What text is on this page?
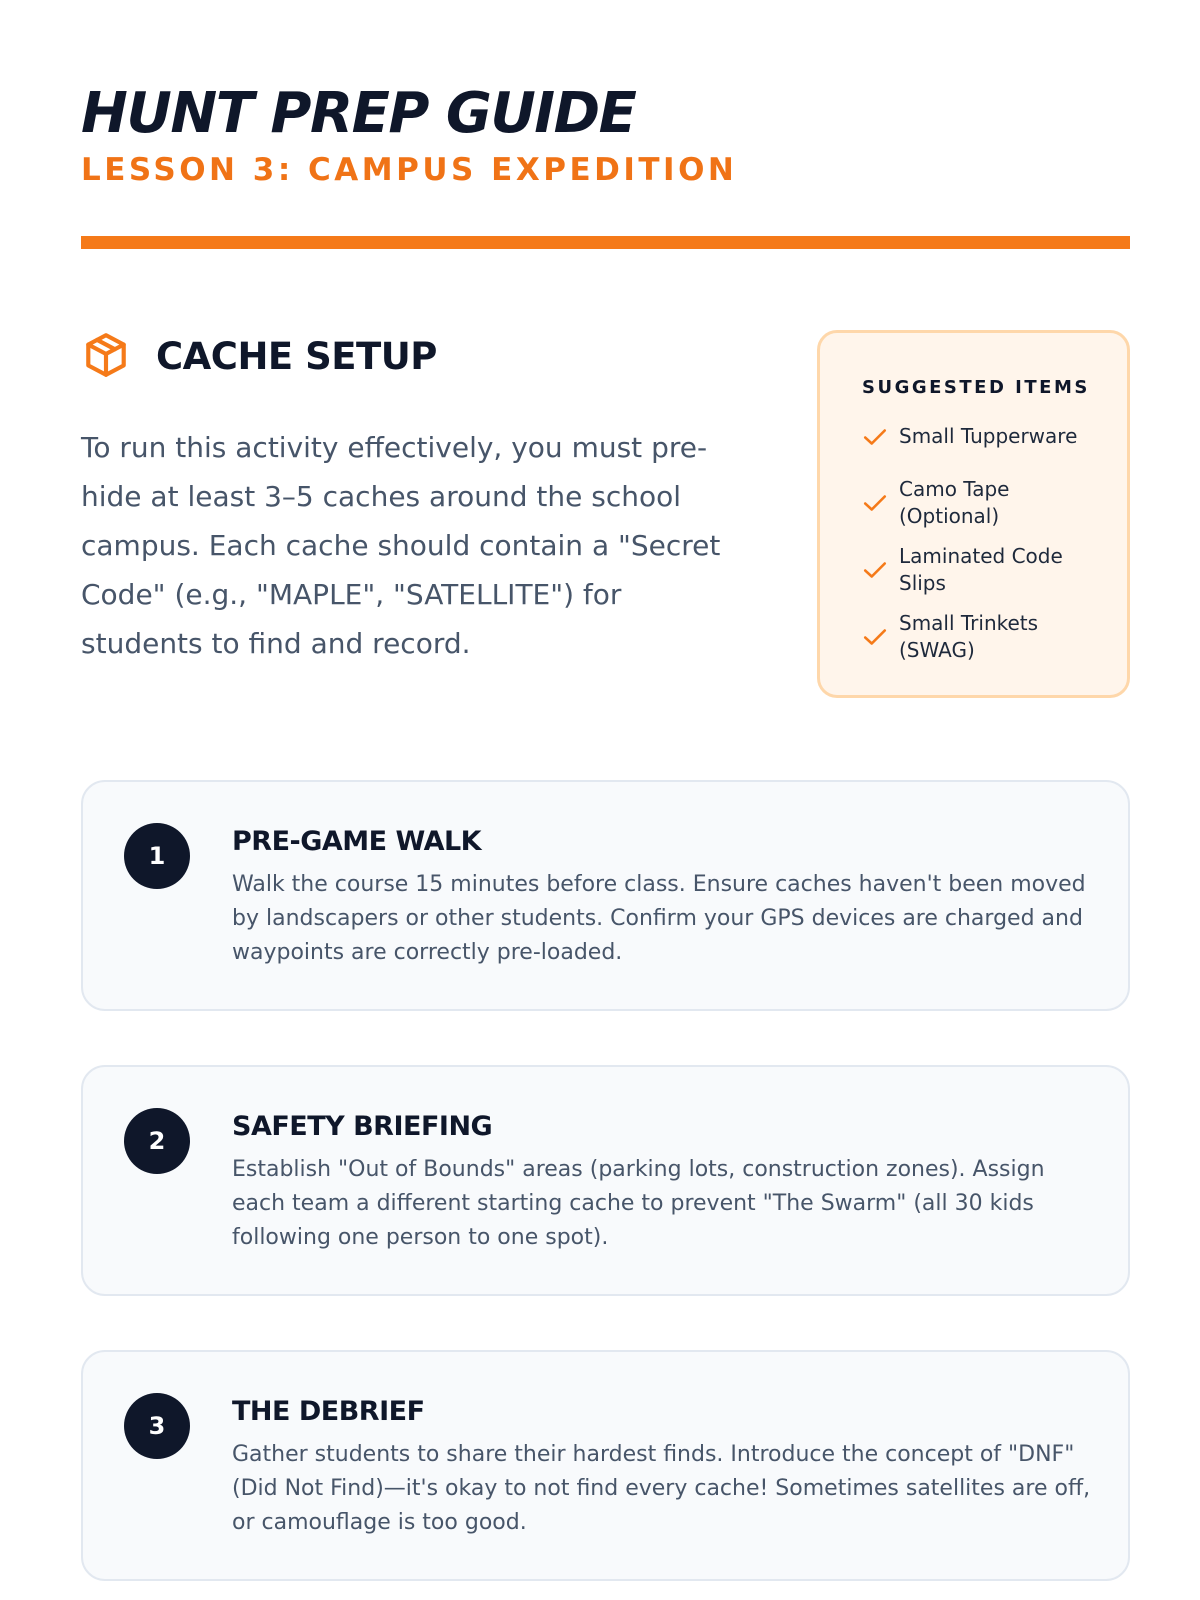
HUNT PREP GUIDE
LESSON 3: CAMPUS EXPEDITION
CACHE SETUP

To run this activity effectively, you must pre-hide at least 3–5 caches around the school campus. Each cache should contain a "Secret Code" (e.g., "MAPLE", "SATELLITE") for students to find and record.

SUGGESTED ITEMS
Small Tupperware
Camo Tape (Optional)
Laminated Code Slips
Small Trinkets (SWAG)
1	PRE-GAME WALK

Walk the course 15 minutes before class. Ensure caches haven't been moved by landscapers or other students. Confirm your GPS devices are charged and waypoints are correctly pre-loaded.

2	SAFETY BRIEFING

Establish "Out of Bounds" areas (parking lots, construction zones). Assign each team a different starting cache to prevent "The Swarm" (all 30 kids following one person to one spot).

3	THE DEBRIEF

Gather students to share their hardest finds. Introduce the concept of "DNF" (Did Not Find)—it's okay to not find every cache! Sometimes satellites are off, or camouflage is too good.
